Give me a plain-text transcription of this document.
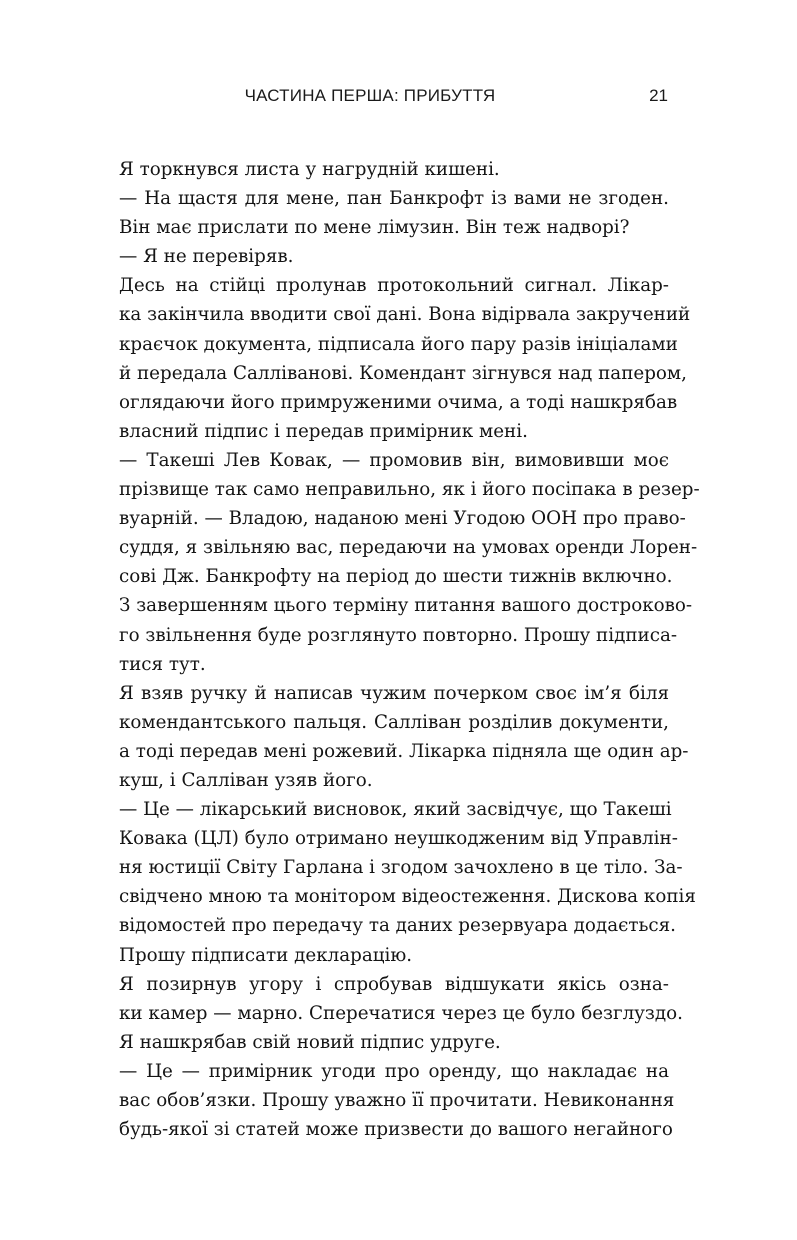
ЧАСТИНА ПЕРША: ПРИБУТТЯ	21
Я торкнувся листа у нагрудній кишені.
— На щастя для мене, пан Банкрофт із вами не згоден.
Він має прислати по мене лімузин. Він теж надворі?
— Я не перевіряв.
Десь на стійці пролунав протокольний сигнал. Лікар-
ка закінчила вводити свої дані. Вона відірвала закручений
краєчок документа, підписала його пару разів ініціалами
й передала Салліванові. Комендант зігнувся над папером,
оглядаючи його примруженими очима, а тоді нашкрябав
власний підпис і передав примірник мені.
— Такеші Лев Ковак, — промовив він, вимовивши моє
прізвище так само неправильно, як і його посіпака в резер-
вуарній. — Владою, наданою мені Угодою ООН про право-
суддя, я звільняю вас, передаючи на умовах оренди Лорен-
сові Дж. Банкрофту на період до шести тижнів включно.
З завершенням цього терміну питання вашого достроково-
го звільнення буде розглянуто повторно. Прошу підписа-
тися тут.
Я взяв ручку й написав чужим почерком своє ім’я біля
комендантського пальця. Салліван розділив документи,
а тоді передав мені рожевий. Лікарка підняла ще один ар-
куш, і Салліван узяв його.
— Це — лікарський висновок, який засвідчує, що Такеші
Ковака (ЦЛ) було отримано неушкодженим від Управлін-
ня юстиції Світу Гарлана і згодом зачохлено в це тіло. За-
свідчено мною та монітором відеостеження. Дискова копія
відомостей про передачу та даних резервуара додається.
Прошу підписати декларацію.
Я позирнув угору і спробував відшукати якісь озна-
ки камер — марно. Сперечатися через це було безглуздо.
Я нашкрябав свій новий підпис удруге.
— Це — примірник угоди про оренду, що накладає на
вас обов’язки. Прошу уважно її прочитати. Невиконання
будь-якої зі статей може призвести до вашого негайного
